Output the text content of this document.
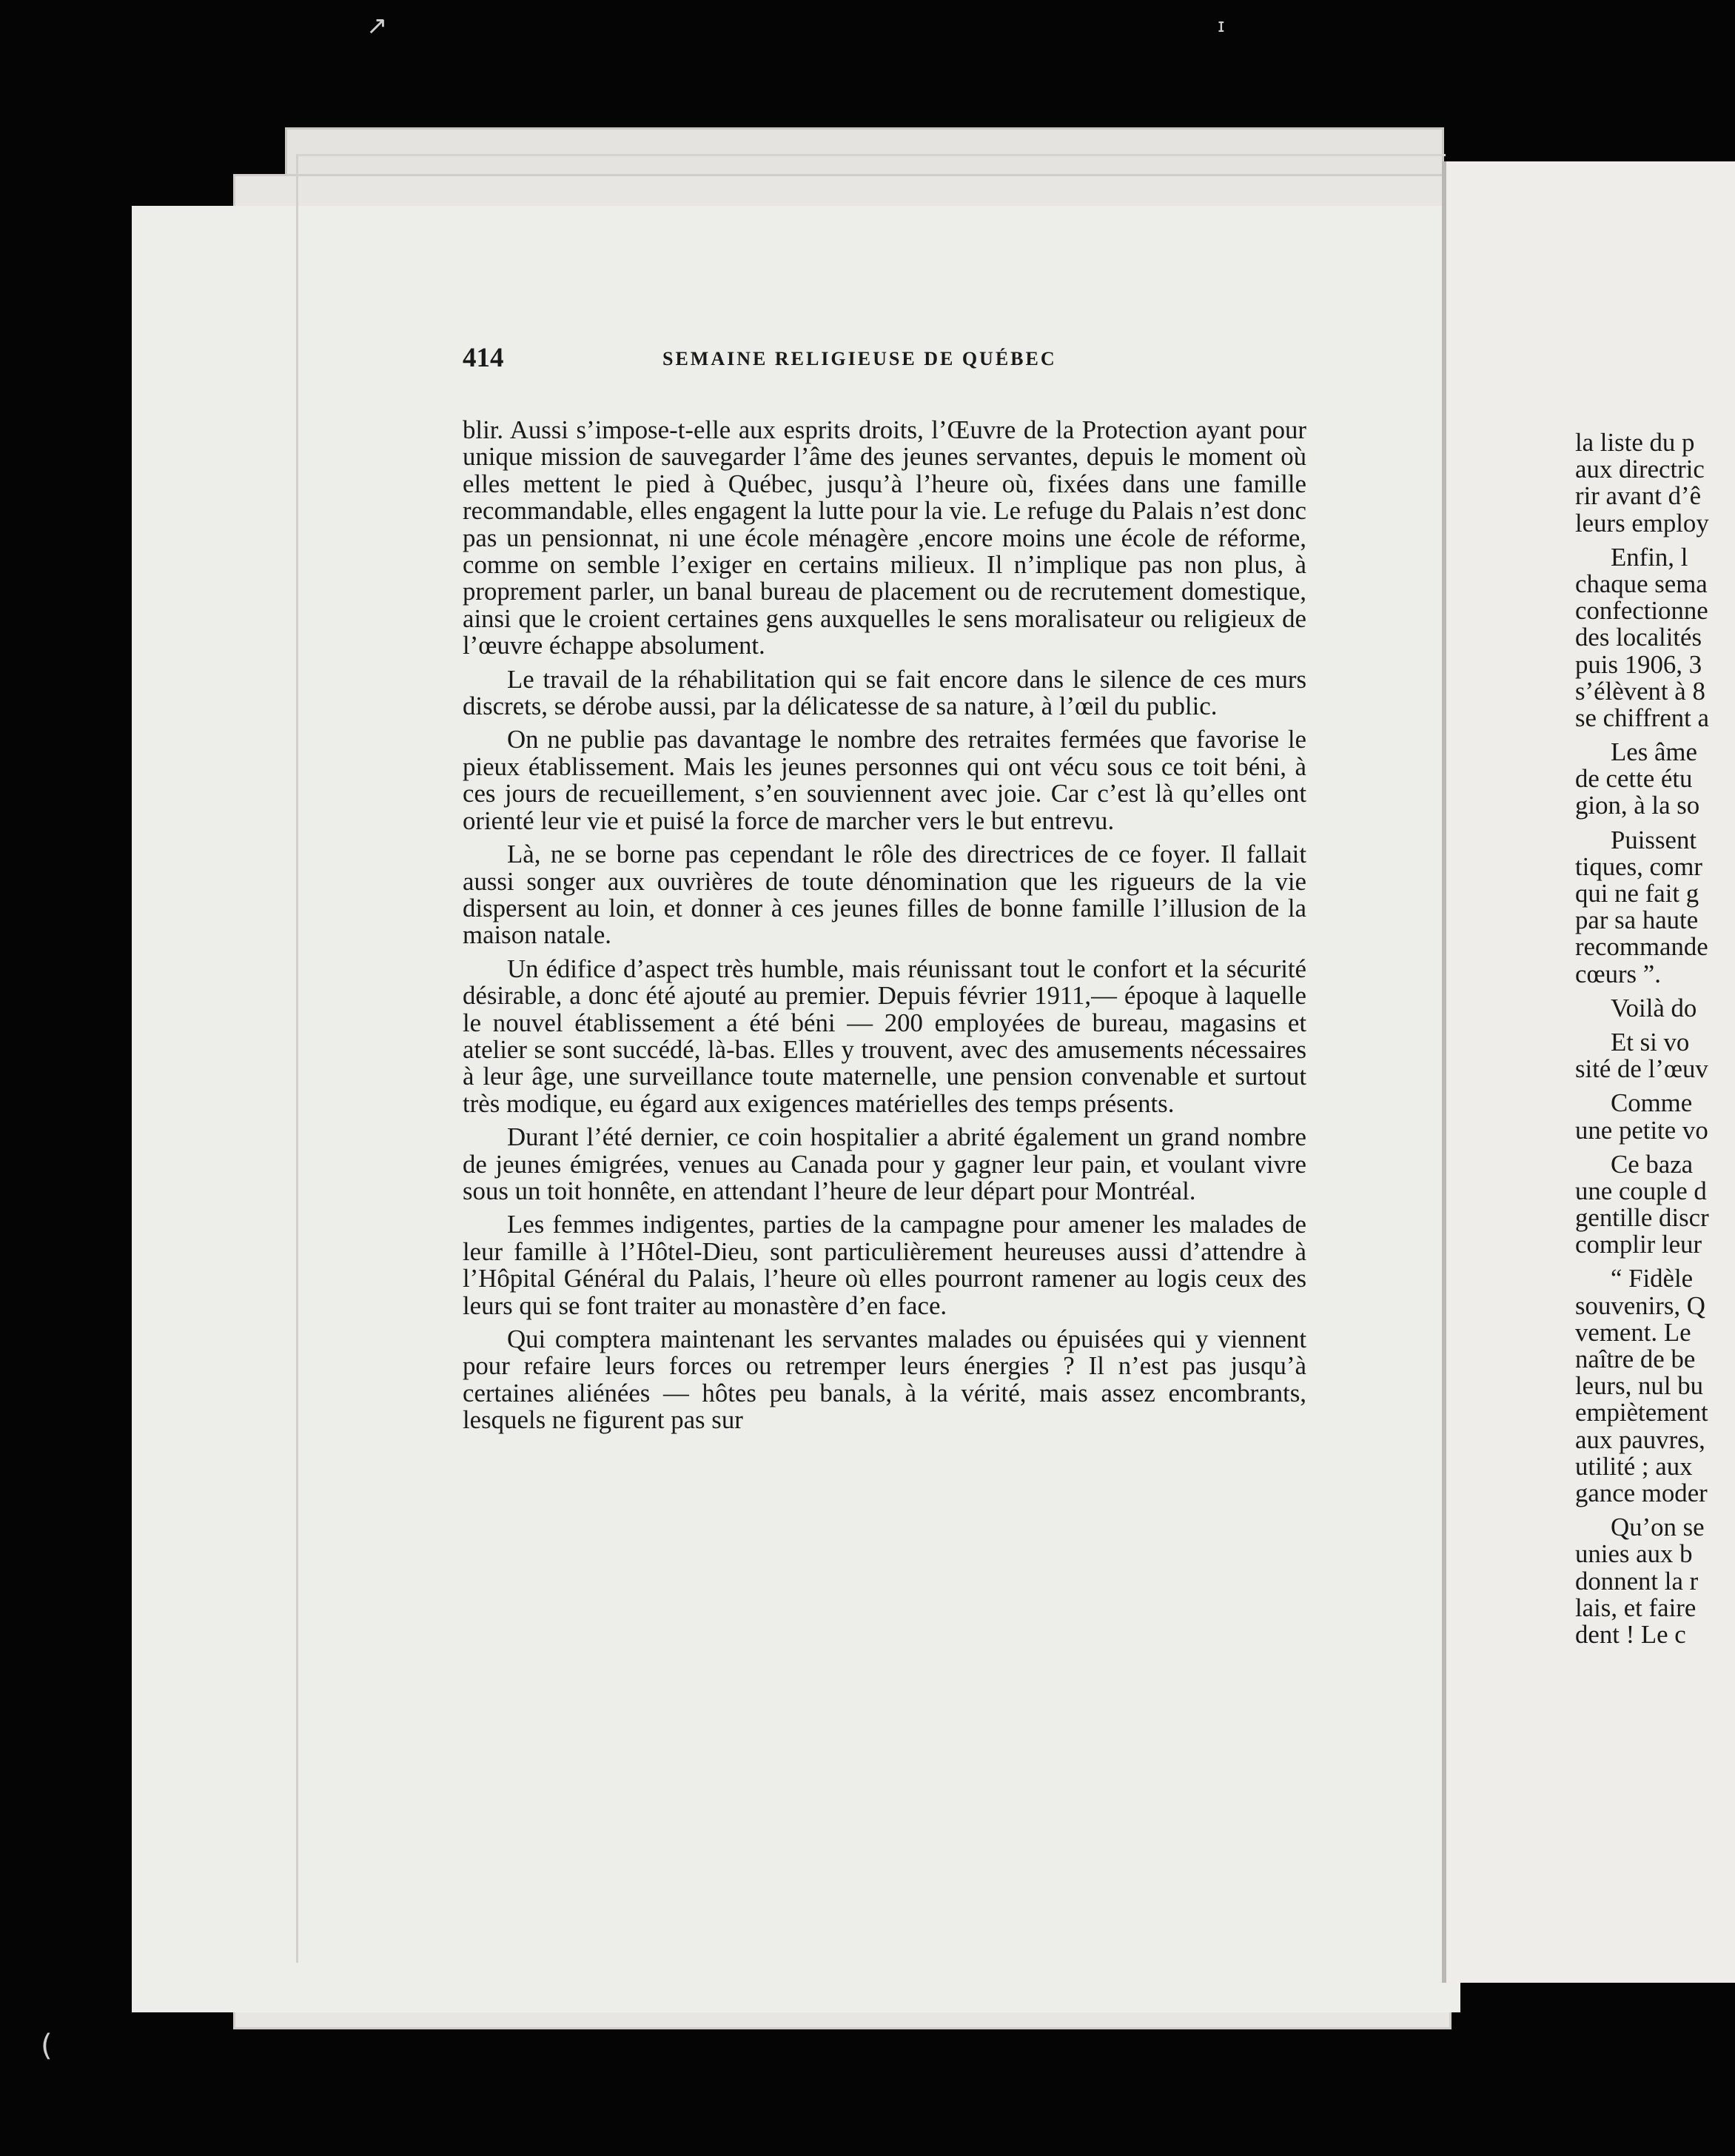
↗	ɪ
(
414	SEMAINE RELIGIEUSE DE QUÉBEC

blir. Aussi s’impose-t-elle aux esprits droits, l’Œuvre de la Protection ayant pour unique mission de sauvegarder l’âme des jeunes servantes, depuis le moment où elles mettent le pied à Québec, jusqu’à l’heure où, fixées dans une famille recommandable, elles engagent la lutte pour la vie. Le refuge du Palais n’est donc pas un pensionnat, ni une école ménagère ,encore moins une école de réforme, comme on semble l’exiger en certains milieux. Il n’implique pas non plus, à proprement parler, un banal bureau de placement ou de recrutement domestique, ainsi que le croient certaines gens auxquelles le sens moralisateur ou religieux de l’œuvre échappe absolument.

Le travail de la réhabilitation qui se fait encore dans le silence de ces murs discrets, se dérobe aussi, par la délicatesse de sa nature, à l’œil du public.

On ne publie pas davantage le nombre des retraites fermées que favorise le pieux établissement. Mais les jeunes personnes qui ont vécu sous ce toit béni, à ces jours de recueillement, s’en souviennent avec joie. Car c’est là qu’elles ont orienté leur vie et puisé la force de marcher vers le but entrevu.

Là, ne se borne pas cependant le rôle des directrices de ce foyer. Il fallait aussi songer aux ouvrières de toute dénomination que les rigueurs de la vie dispersent au loin, et donner à ces jeunes filles de bonne famille l’illusion de la maison natale.

Un édifice d’aspect très humble, mais réunissant tout le confort et la sécurité désirable, a donc été ajouté au premier. Depuis février 1911,— époque à laquelle le nouvel établissement a été béni — 200 employées de bureau, magasins et atelier se sont succédé, là-bas. Elles y trouvent, avec des amusements nécessaires à leur âge, une surveillance toute maternelle, une pension convenable et surtout très modique, eu égard aux exigences matérielles des temps présents.

Durant l’été dernier, ce coin hospitalier a abrité également un grand nombre de jeunes émigrées, venues au Canada pour y gagner leur pain, et voulant vivre sous un toit honnête, en attendant l’heure de leur départ pour Montréal.

Les femmes indigentes, parties de la campagne pour amener les malades de leur famille à l’Hôtel-Dieu, sont particulièrement heureuses aussi d’attendre à l’Hôpital Général du Palais, l’heure où elles pourront ramener au logis ceux des leurs qui se font traiter au monastère d’en face.

Qui comptera maintenant les servantes malades ou épuisées qui y viennent pour refaire leurs forces ou retremper leurs énergies ? Il n’est pas jusqu’à certaines aliénées — hôtes peu banals, à la vérité, mais assez encombrants, lesquels ne figurent pas sur

la liste du p
aux directric
rir avant d’ê
leurs employ
Enfin, l
chaque sema
confectionne
des localités
puis 1906, 3
s’élèvent à 8
se chiffrent a
Les âme
de cette étu
gion, à la so
Puissent
tiques, comr
qui ne fait g
par sa haute
recommande
cœurs ”.
Voilà do
Et si vo
sité de l’œuv
Comme
une petite vo
Ce baza
une couple d
gentille discr
complir leur
“ Fidèle
souvenirs, Q
vement. Le
naître de be
leurs, nul bu
empiètement
aux pauvres,
utilité ; aux
gance moder
Qu’on se
unies aux b
donnent la r
lais, et faire
dent ! Le c
